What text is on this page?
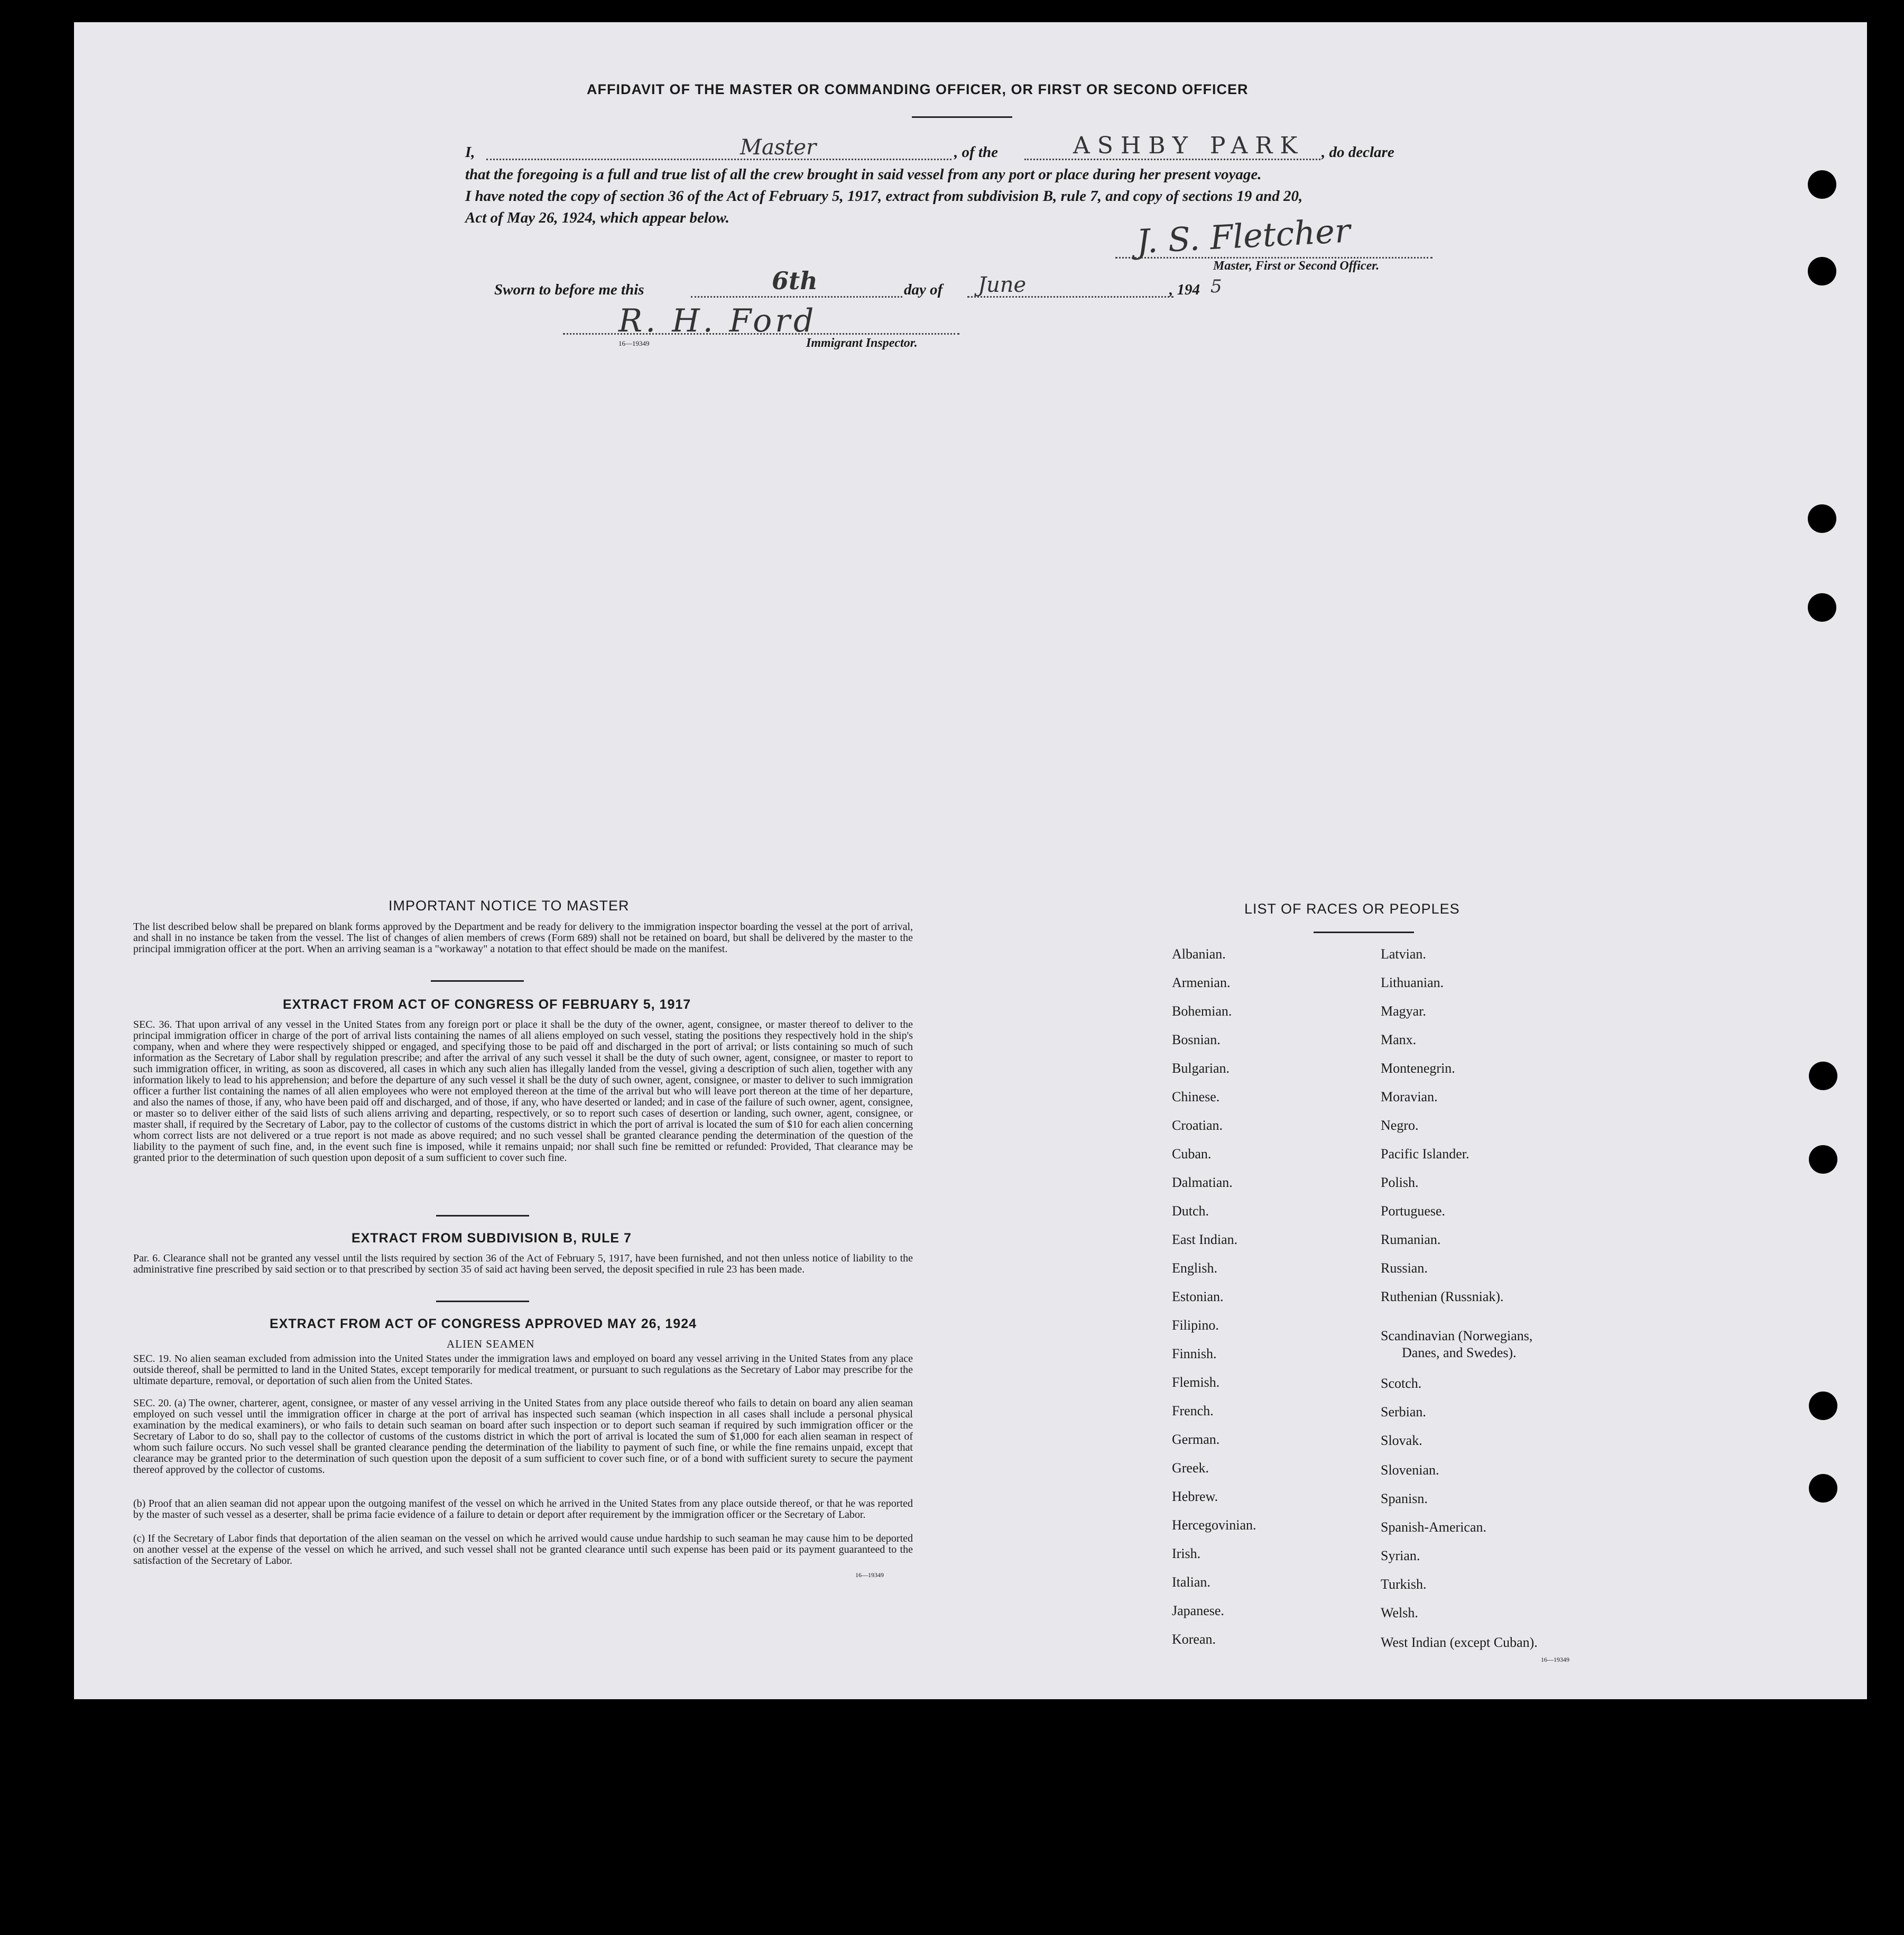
AFFIDAVIT OF THE MASTER OR COMMANDING OFFICER, OR FIRST OR SECOND OFFICER
I,	Master	, of the	ASHBY PARK , do declare
that the foregoing is a full and true list of all the crew brought in said vessel from any port or place during her present voyage.
I have noted the copy of section 36 of the Act of February 5, 1917, extract from subdivision B, rule 7, and copy of sections 19 and 20,
Act of May 26, 1924, which appear below.	J. S. Fletcher
Master, First or Second Officer.
Sworn to before me this	6th	day of June	, 194 5
R. H. Ford
16—19349	Immigrant Inspector.
IMPORTANT NOTICE TO MASTER
The list described below shall be prepared on blank forms approved by the Department and be ready for delivery to the immigration inspector boarding the vessel at the port of arrival, and shall in no instance be taken from the vessel. The list of changes of alien members of crews (Form 689) shall not be retained on board, but shall be delivered by the master to the principal immigration officer at the port. When an arriving seaman is a "workaway" a notation to that effect should be made on the manifest.
EXTRACT FROM ACT OF CONGRESS OF FEBRUARY 5, 1917
SEC. 36. That upon arrival of any vessel in the United States from any foreign port or place it shall be the duty of the owner, agent, consignee, or master thereof to deliver to the principal immigration officer in charge of the port of arrival lists containing the names of all aliens employed on such vessel, stating the positions they respectively hold in the ship's company, when and where they were respectively shipped or engaged, and specifying those to be paid off and discharged in the port of arrival; or lists containing so much of such information as the Secretary of Labor shall by regulation prescribe; and after the arrival of any such vessel it shall be the duty of such owner, agent, consignee, or master to report to such immigration officer, in writing, as soon as discovered, all cases in which any such alien has illegally landed from the vessel, giving a description of such alien, together with any information likely to lead to his apprehension; and before the departure of any such vessel it shall be the duty of such owner, agent, consignee, or master to deliver to such immigration officer a further list containing the names of all alien employees who were not employed thereon at the time of the arrival but who will leave port thereon at the time of her departure, and also the names of those, if any, who have been paid off and discharged, and of those, if any, who have deserted or landed; and in case of the failure of such owner, agent, consignee, or master so to deliver either of the said lists of such aliens arriving and departing, respectively, or so to report such cases of desertion or landing, such owner, agent, consignee, or master shall, if required by the Secretary of Labor, pay to the collector of customs of the customs district in which the port of arrival is located the sum of $10 for each alien concerning whom correct lists are not delivered or a true report is not made as above required; and no such vessel shall be granted clearance pending the determination of the question of the liability to the payment of such fine, and, in the event such fine is imposed, while it remains unpaid; nor shall such fine be remitted or refunded: Provided, That clearance may be granted prior to the determination of such question upon deposit of a sum sufficient to cover such fine.
EXTRACT FROM SUBDIVISION B, RULE 7
Par. 6. Clearance shall not be granted any vessel until the lists required by section 36 of the Act of February 5, 1917, have been furnished, and not then unless notice of liability to the administrative fine prescribed by said section or to that prescribed by section 35 of said act having been served, the deposit specified in rule 23 has been made.
EXTRACT FROM ACT OF CONGRESS APPROVED MAY 26, 1924
ALIEN SEAMEN
SEC. 19. No alien seaman excluded from admission into the United States under the immigration laws and employed on board any vessel arriving in the United States from any place outside thereof, shall be permitted to land in the United States, except temporarily for medical treatment, or pursuant to such regulations as the Secretary of Labor may prescribe for the ultimate departure, removal, or deportation of such alien from the United States.
SEC. 20. (a) The owner, charterer, agent, consignee, or master of any vessel arriving in the United States from any place outside thereof who fails to detain on board any alien seaman employed on such vessel until the immigration officer in charge at the port of arrival has inspected such seaman (which inspection in all cases shall include a personal physical examination by the medical examiners), or who fails to detain such seaman on board after such inspection or to deport such seaman if required by such immigration officer or the Secretary of Labor to do so, shall pay to the collector of customs of the customs district in which the port of arrival is located the sum of $1,000 for each alien seaman in respect of whom such failure occurs. No such vessel shall be granted clearance pending the determination of the liability to payment of such fine, or while the fine remains unpaid, except that clearance may be granted prior to the determination of such question upon the deposit of a sum sufficient to cover such fine, or of a bond with sufficient surety to secure the payment thereof approved by the collector of customs.
(b) Proof that an alien seaman did not appear upon the outgoing manifest of the vessel on which he arrived in the United States from any place outside thereof, or that he was reported by the master of such vessel as a deserter, shall be prima facie evidence of a failure to detain or deport after requirement by the immigration officer or the Secretary of Labor.
(c) If the Secretary of Labor finds that deportation of the alien seaman on the vessel on which he arrived would cause undue hardship to such seaman he may cause him to be deported on another vessel at the expense of the vessel on which he arrived, and such vessel shall not be granted clearance until such expense has been paid or its payment guaranteed to the satisfaction of the Secretary of Labor.
16—19349
LIST OF RACES OR PEOPLES
Albanian.
Armenian.
Bohemian.
Bosnian.
Bulgarian.
Chinese.
Croatian.
Cuban.
Dalmatian.
Dutch.
East Indian.
English.
Estonian.
Filipino.
Finnish.
Flemish.
French.
German.
Greek.
Hebrew.
Hercegovinian.
Irish.
Italian.
Japanese.
Korean.
Latvian.
Lithuanian.
Magyar.
Manx.
Montenegrin.
Moravian.
Negro.
Pacific Islander.
Polish.
Portuguese.
Rumanian.
Russian.
Ruthenian (Russniak).
Scandinavian (Norwegians,
Danes, and Swedes).
Scotch.
Serbian.
Slovak.
Slovenian.
Spanisn.
Spanish-American.
Syrian.
Turkish.
Welsh.
West Indian (except Cuban).
16—19349
